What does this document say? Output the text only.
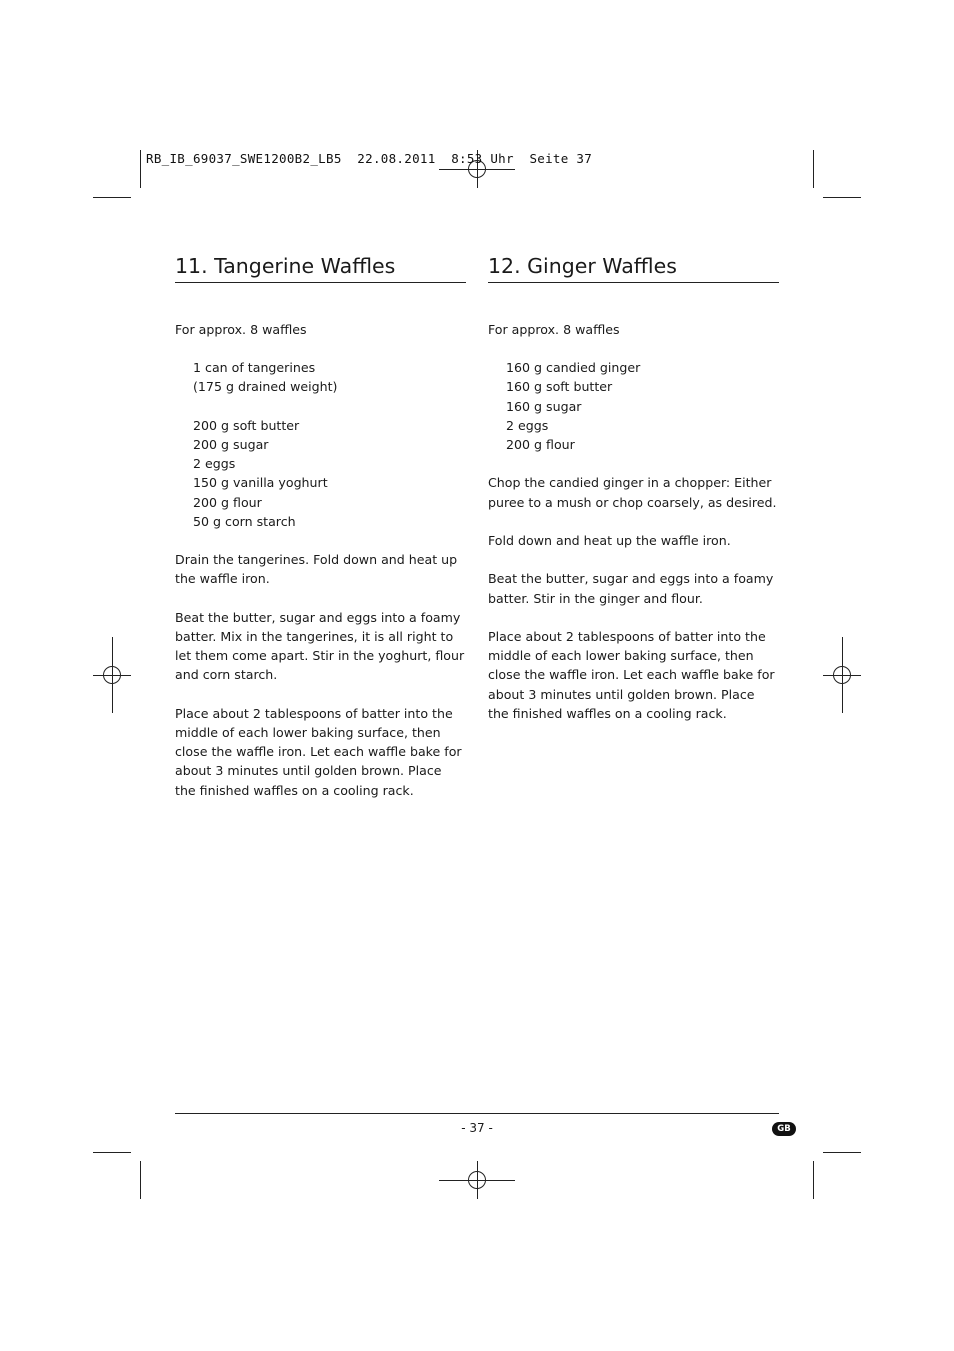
RB_IB_69037_SWE1200B2_LB5  22.08.2011  8:53 Uhr  Seite 37
11. Tangerine Waffles
For approx. 8 waffles
1 can of tangerines
(175 g drained weight)
200 g soft butter
200 g sugar
2 eggs
150 g vanilla yoghurt
200 g flour
50 g corn starch

Drain the tangerines. Fold down and heat up the waffle iron.

Beat the butter, sugar and eggs into a foamy batter. Mix in the tangerines, it is all right to let them come apart. Stir in the yoghurt, flour and corn starch.

Place about 2 tablespoons of batter into the middle of each lower baking surface, then close the waffle iron. Let each waffle bake for about 3 minutes until golden brown. Place the finished waffles on a cooling rack.

12. Ginger Waffles
For approx. 8 waffles
160 g candied ginger
160 g soft butter
160 g sugar
2 eggs
200 g flour

Chop the candied ginger in a chopper: Either puree to a mush or chop coarsely, as desired.

Fold down and heat up the waffle iron.

Beat the butter, sugar and eggs into a foamy batter. Stir in the ginger and flour.

Place about 2 tablespoons of batter into the middle of each lower baking surface, then close the waffle iron. Let each waffle bake for about 3 minutes until golden brown. Place the finished waffles on a cooling rack.

- 37 -	GB
